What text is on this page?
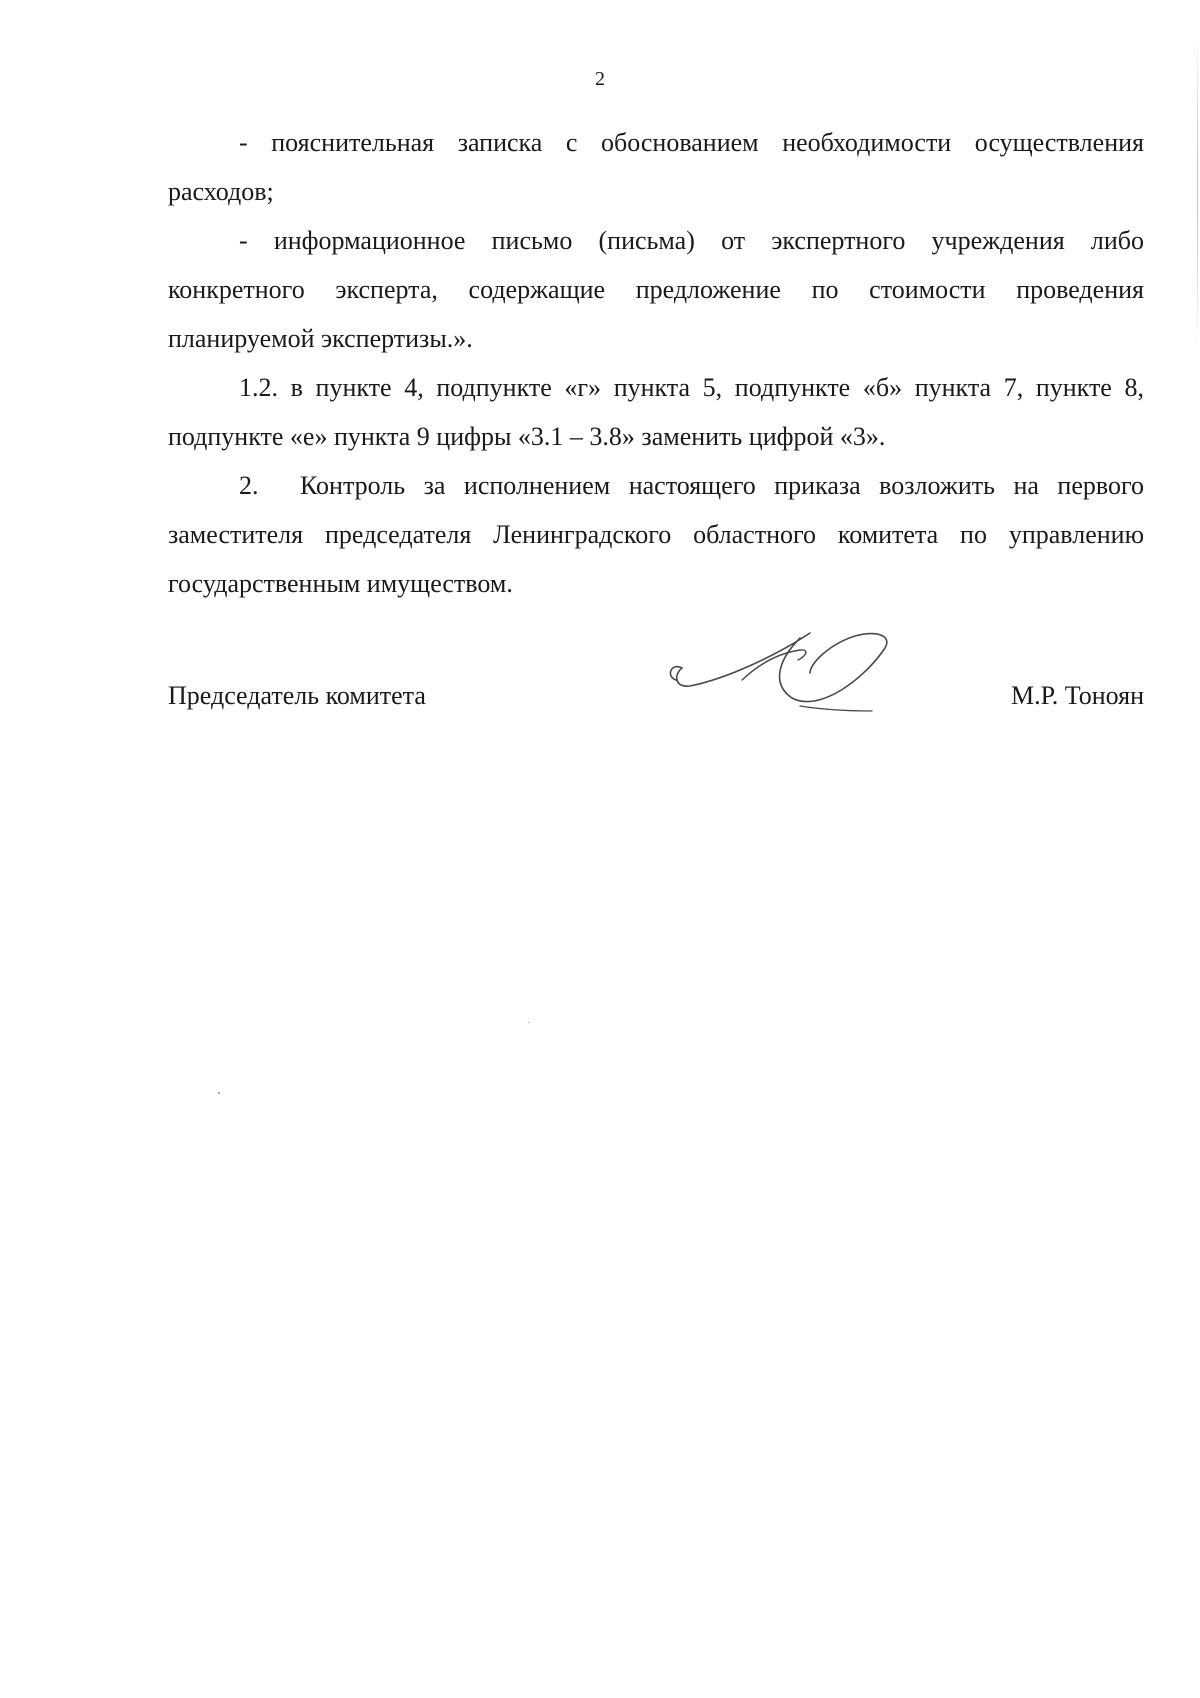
2

- пояснительная записка с обоснованием необходимости осуществления расходов;

- информационное письмо (письма) от экспертного учреждения либо конкретного эксперта, содержащие предложение по стоимости проведения планируемой экспертизы.».

1.2. в пункте 4, подпункте «г» пункта 5, подпункте «б» пункта 7, пункте 8, подпункте «е» пункта 9 цифры «3.1 – 3.8» заменить цифрой «3».

2. Контроль за исполнением настоящего приказа возложить на первого заместителя председателя Ленинградского областного комитета по управлению государственным имуществом.

Председатель комитета	М.Р. Тоноян
